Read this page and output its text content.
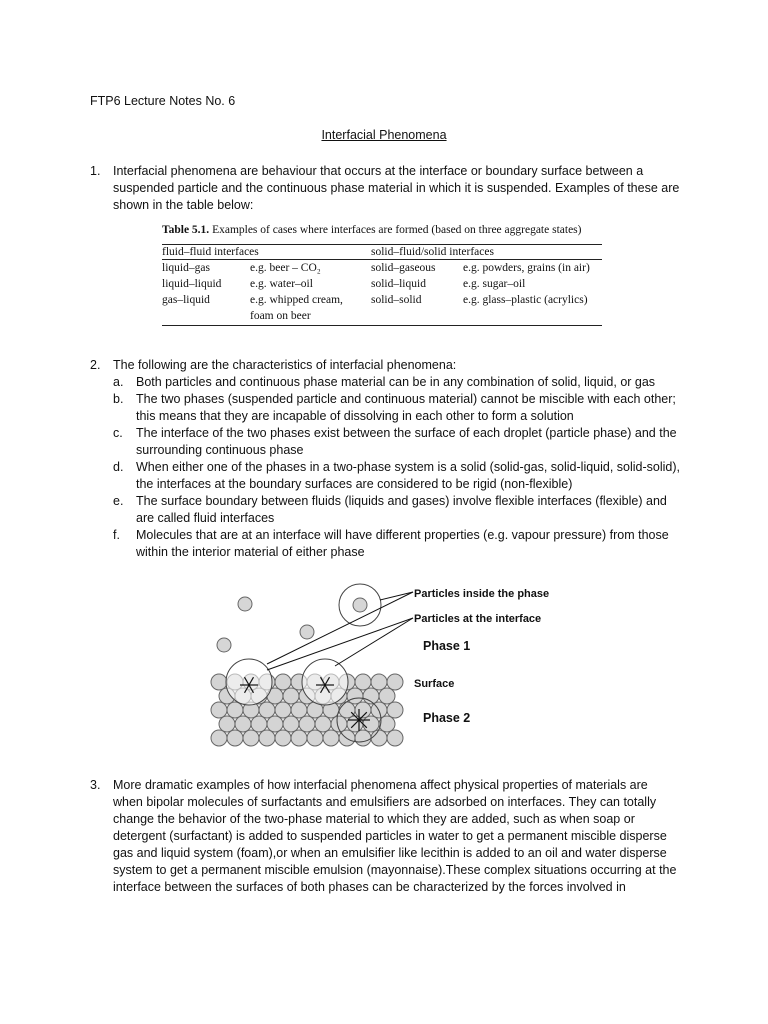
FTP6 Lecture Notes No. 6
Interfacial Phenomena
1.	Interfacial phenomena are behaviour that occurs at the interface or boundary surface between a suspended particle and the continuous phase material in which it is suspended. Examples of these are shown in the table below:
Table 5.1. Examples of cases where interfaces are formed (based on three aggregate states)
fluid–fluid interfaces		solid–fluid/solid interfaces	
liquid–gas	e.g. beer – CO₂	solid–gaseous	e.g. powders, grains (in air)
liquid–liquid	e.g. water–oil	solid–liquid	e.g. sugar–oil
gas–liquid	e.g. whipped cream, foam on beer	solid–solid	e.g. glass–plastic (acrylics)
2.	The following are the characteristics of interfacial phenomena:
a.	Both particles and continuous phase material can be in any combination of solid, liquid, or gas
b.	The two phases (suspended particle and continuous material) cannot be miscible with each other; this means that they are incapable of dissolving in each other to form a solution
c.	The interface of the two phases exist between the surface of each droplet (particle phase) and the surrounding continuous phase
d.	When either one of the phases in a two-phase system is a solid (solid-gas, solid-liquid, solid-solid), the interfaces at the boundary surfaces are considered to be rigid (non-flexible)
e.	The surface boundary between fluids (liquids and gases) involve flexible interfaces (flexible) and are called fluid interfaces
f.	Molecules that are at an interface will have different properties (e.g. vapour pressure) from those within the interior material of either phase
Particles inside the phase
Particles at the interface
Phase 1
Surface
Phase 2
3.	More dramatic examples of how interfacial phenomena affect physical properties of materials are when bipolar molecules of surfactants and emulsifiers are adsorbed on interfaces. They can totally change the behavior of the two-phase material to which they are added, such as when soap or detergent (surfactant) is added to suspended particles in water to get a permanent miscible disperse gas and liquid system (foam),or when an emulsifier like lecithin is added to an oil and water disperse system to get a permanent miscible emulsion (mayonnaise).These complex situations occurring at the interface between the surfaces of both phases can be characterized by the forces involved in
